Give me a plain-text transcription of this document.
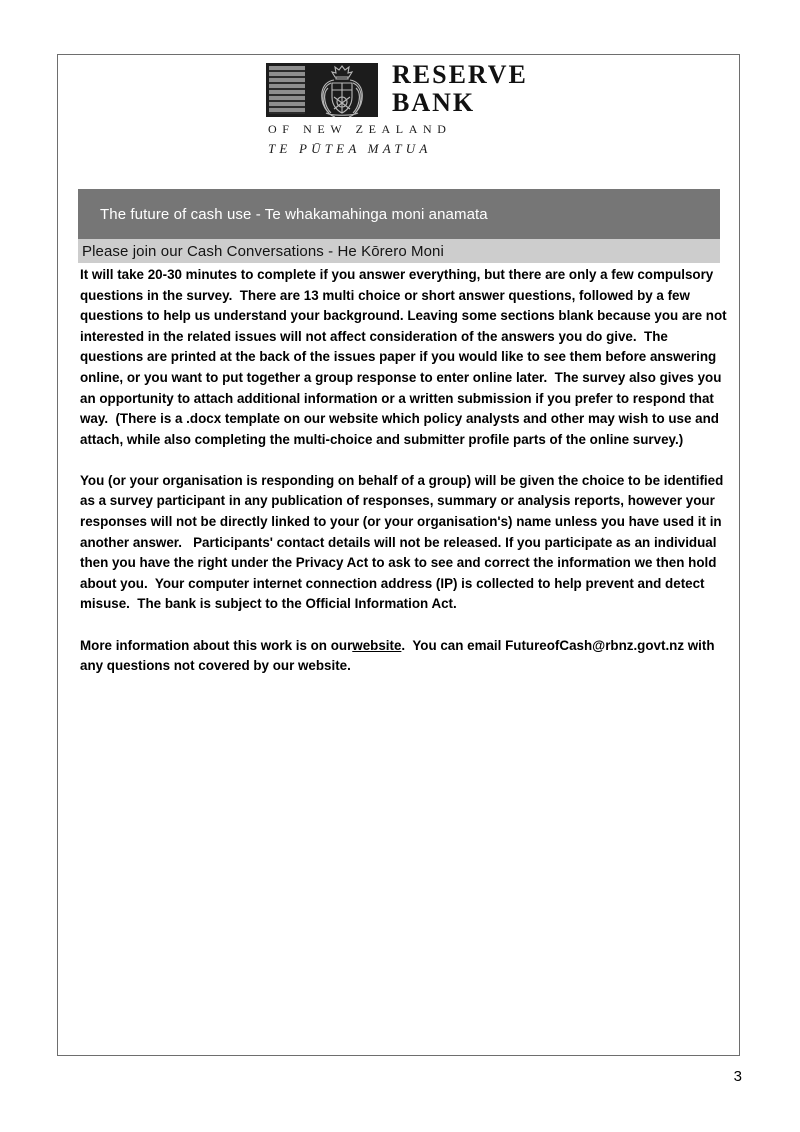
RESERVE
BANK
OF NEW ZEALAND
TE PŪTEA MATUA
The future of cash use - Te whakamahinga moni anamata
Please join our Cash Conversations - He Kōrero Moni

It will take 20-30 minutes to complete if you answer everything, but there are only a few compulsory questions in the survey.  There are 13 multi choice or short answer questions, followed by a few questions to help us understand your background. Leaving some sections blank because you are not interested in the related issues will not affect consideration of the answers you do give.  The questions are printed at the back of the issues paper if you would like to see them before answering online, or you want to put together a group response to enter online later.  The survey also gives you an opportunity to attach additional information or a written submission if you prefer to respond that way.  (There is a .docx template on our website which policy analysts and other may wish to use and attach, while also completing the multi-choice and submitter profile parts of the online survey.)

You (or your organisation is responding on behalf of a group) will be given the choice to be identified as a survey participant in any publication of responses, summary or analysis reports, however your responses will not be directly linked to your (or your organisation's) name unless you have used it in another answer.   Participants' contact details will not be released. If you participate as an individual then you have the right under the Privacy Act to ask to see and correct the information we then hold about you.  Your computer internet connection address (IP) is collected to help prevent and detect misuse.  The bank is subject to the Official Information Act.

More information about this work is on ourwebsite.  You can email FutureofCash@rbnz.govt.nz with any questions not covered by our website.

3
